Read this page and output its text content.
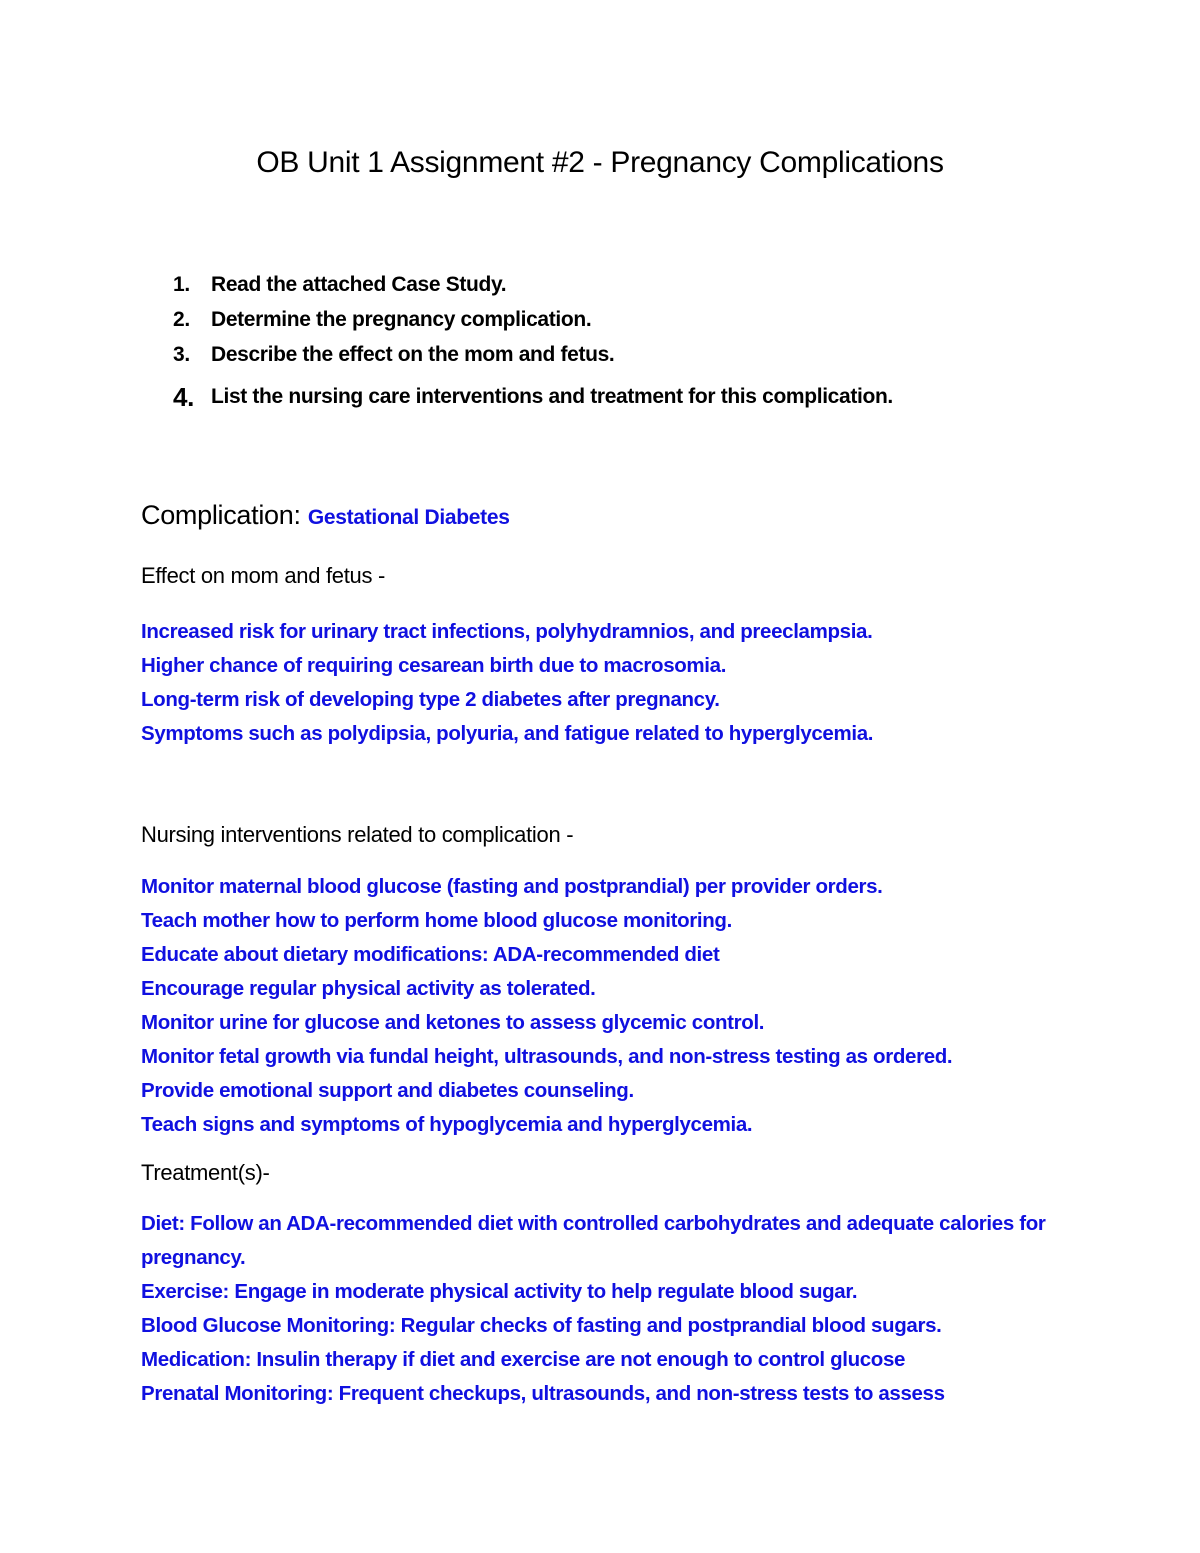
OB Unit 1 Assignment #2 - Pregnancy Complications
1. Read the attached Case Study.
2. Determine the pregnancy complication.
3. Describe the effect on the mom and fetus.
4. List the nursing care interventions and treatment for this complication.
Complication: Gestational Diabetes
Effect on mom and fetus -
Increased risk for urinary tract infections, polyhydramnios, and preeclampsia.
Higher chance of requiring cesarean birth due to macrosomia.
Long-term risk of developing type 2 diabetes after pregnancy.
Symptoms such as polydipsia, polyuria, and fatigue related to hyperglycemia.
Nursing interventions related to complication -
Monitor maternal blood glucose (fasting and postprandial) per provider orders.
Teach mother how to perform home blood glucose monitoring.
Educate about dietary modifications: ADA-recommended diet
Encourage regular physical activity as tolerated.
Monitor urine for glucose and ketones to assess glycemic control.
Monitor fetal growth via fundal height, ultrasounds, and non-stress testing as ordered.
Provide emotional support and diabetes counseling.
Teach signs and symptoms of hypoglycemia and hyperglycemia.
Treatment(s)-
Diet: Follow an ADA-recommended diet with controlled carbohydrates and adequate calories for pregnancy.
Exercise: Engage in moderate physical activity to help regulate blood sugar.
Blood Glucose Monitoring: Regular checks of fasting and postprandial blood sugars.
Medication: Insulin therapy if diet and exercise are not enough to control glucose
Prenatal Monitoring: Frequent checkups, ultrasounds, and non-stress tests to assess
